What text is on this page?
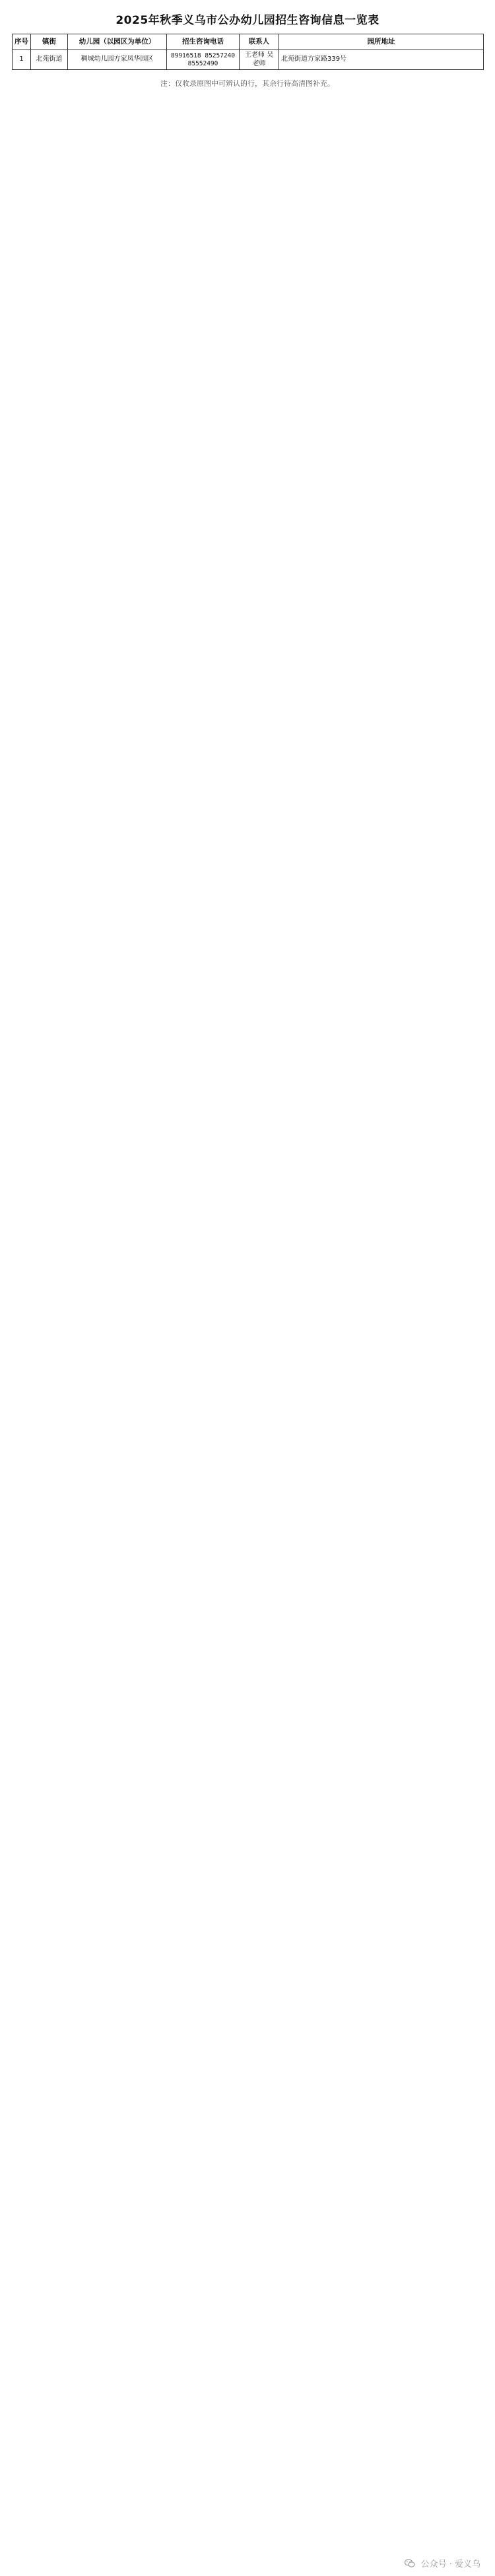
2025年秋季义乌市公办幼儿园招生咨询信息一览表
序号	镇街	幼儿园（以园区为单位）	招生咨询电话	联系人	园所地址
1	北苑街道	稠城幼儿园方家凤华园区	89916518 85257240 85552490	王老师 吴老师	北苑街道方家路339号
注：仅收录原图中可辨认的行，其余行待高清图补充。
公众号 · 爱义乌
